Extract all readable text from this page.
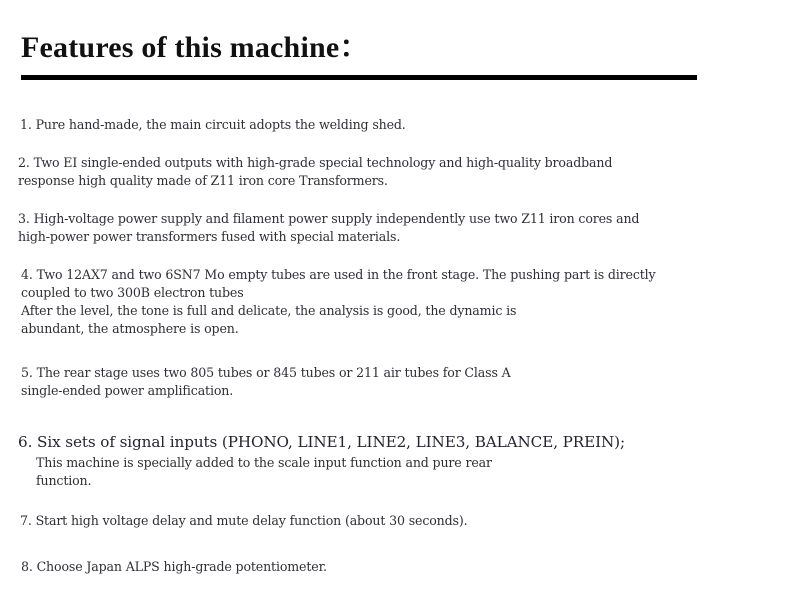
Features of this machine：
1. Pure hand-made, the main circuit adopts the welding shed.
2. Two EI single-ended outputs with high-grade special technology and high-quality broadband
response high quality made of Z11 iron core Transformers.
3. High-voltage power supply and filament power supply independently use two Z11 iron cores and
high-power power transformers fused with special materials.
4. Two 12AX7 and two 6SN7 Mo empty tubes are used in the front stage. The pushing part is directly
coupled to two 300B electron tubes
After the level, the tone is full and delicate, the analysis is good, the dynamic is
abundant, the atmosphere is open.
5. The rear stage uses two 805 tubes or 845 tubes or 211 air tubes for Class A
single-ended power amplification.
6. Six sets of signal inputs (PHONO, LINE1, LINE2, LINE3, BALANCE, PREIN);
This machine is specially added to the scale input function and pure rear
function.
7. Start high voltage delay and mute delay function (about 30 seconds).
8. Choose Japan ALPS high-grade potentiometer.
